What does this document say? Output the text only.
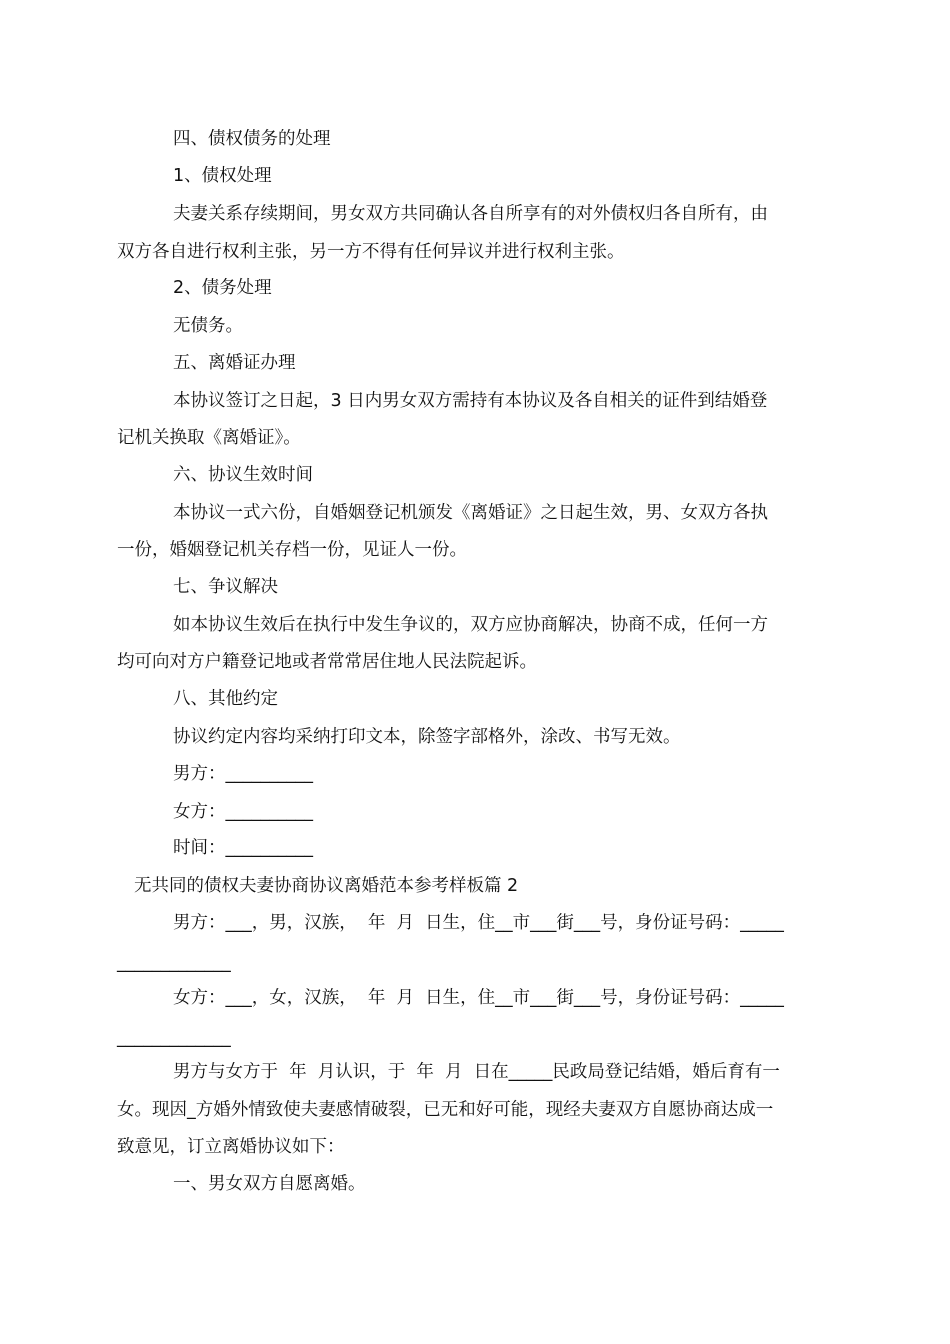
四、债权债务的处理
1、债权处理
夫妻关系存续期间，男女双方共同确认各自所享有的对外债权归各自所有，由
双方各自进行权利主张，另一方不得有任何异议并进行权利主张。
2、债务处理
无债务。
五、离婚证办理
本协议签订之日起，3 日内男女双方需持有本协议及各自相关的证件到结婚登
记机关换取《离婚证》。
六、协议生效时间
本协议一式六份，自婚姻登记机颁发《离婚证》之日起生效，男、女双方各执
一份，婚姻登记机关存档一份，见证人一份。
七、争议解决
如本协议生效后在执行中发生争议的，双方应协商解决，协商不成，任何一方
均可向对方户籍登记地或者常常居住地人民法院起诉。
八、其他约定
协议约定内容均采纳打印文本，除签字部格外，涂改、书写无效。
男方：__________
女方：__________
时间：__________
无共同的债权夫妻协商协议离婚范本参考样板篇 2
男方：___，男，汉族，  年  月  日生，住__市___街___号，身份证号码：_____
_____________
女方：___，女，汉族，  年  月  日生，住__市___街___号，身份证号码：_____
_____________
男方与女方于  年  月认识，于  年  月  日在_____民政局登记结婚，婚后育有一
女。现因_方婚外情致使夫妻感情破裂，已无和好可能，现经夫妻双方自愿协商达成一
致意见，订立离婚协议如下：
一、男女双方自愿离婚。
